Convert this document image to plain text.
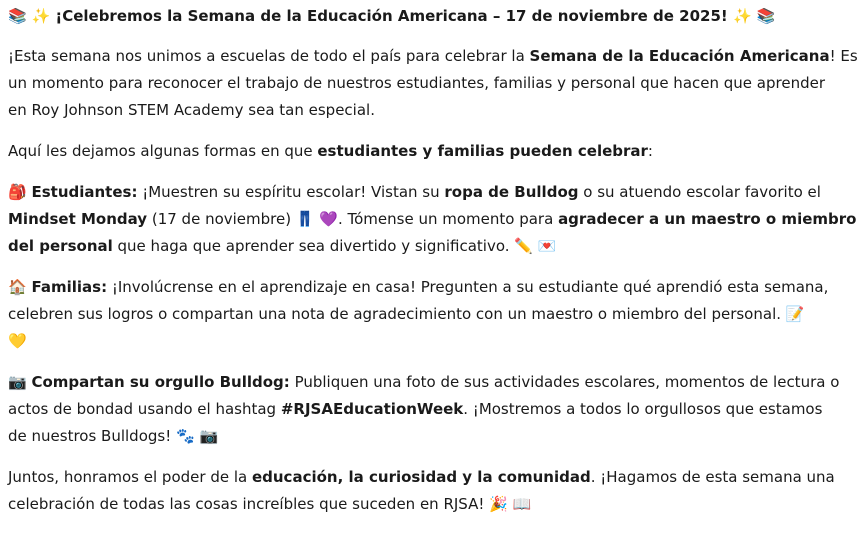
📚 ✨ ¡Celebremos la Semana de la Educación Americana – 17 de noviembre de 2025! ✨ 📚

¡Esta semana nos unimos a escuelas de todo el país para celebrar la Semana de la Educación Americana! Es
un momento para reconocer el trabajo de nuestros estudiantes, familias y personal que hacen que aprender
en Roy Johnson STEM Academy sea tan especial.

Aquí les dejamos algunas formas en que estudiantes y familias pueden celebrar:

🎒 Estudiantes: ¡Muestren su espíritu escolar! Vistan su ropa de Bulldog o su atuendo escolar favorito el
Mindset Monday (17 de noviembre) 👖 💜. Tómense un momento para agradecer a un maestro o miembro
del personal que haga que aprender sea divertido y significativo. ✏️ 💌

🏠 Familias: ¡Involúcrense en el aprendizaje en casa! Pregunten a su estudiante qué aprendió esta semana,
celebren sus logros o compartan una nota de agradecimiento con un maestro o miembro del personal. 📝
💛

📷 Compartan su orgullo Bulldog: Publiquen una foto de sus actividades escolares, momentos de lectura o
actos de bondad usando el hashtag #RJSAEducationWeek. ¡Mostremos a todos lo orgullosos que estamos
de nuestros Bulldogs! 🐾 📷

Juntos, honramos el poder de la educación, la curiosidad y la comunidad. ¡Hagamos de esta semana una
celebración de todas las cosas increíbles que suceden en RJSA! 🎉 📖
